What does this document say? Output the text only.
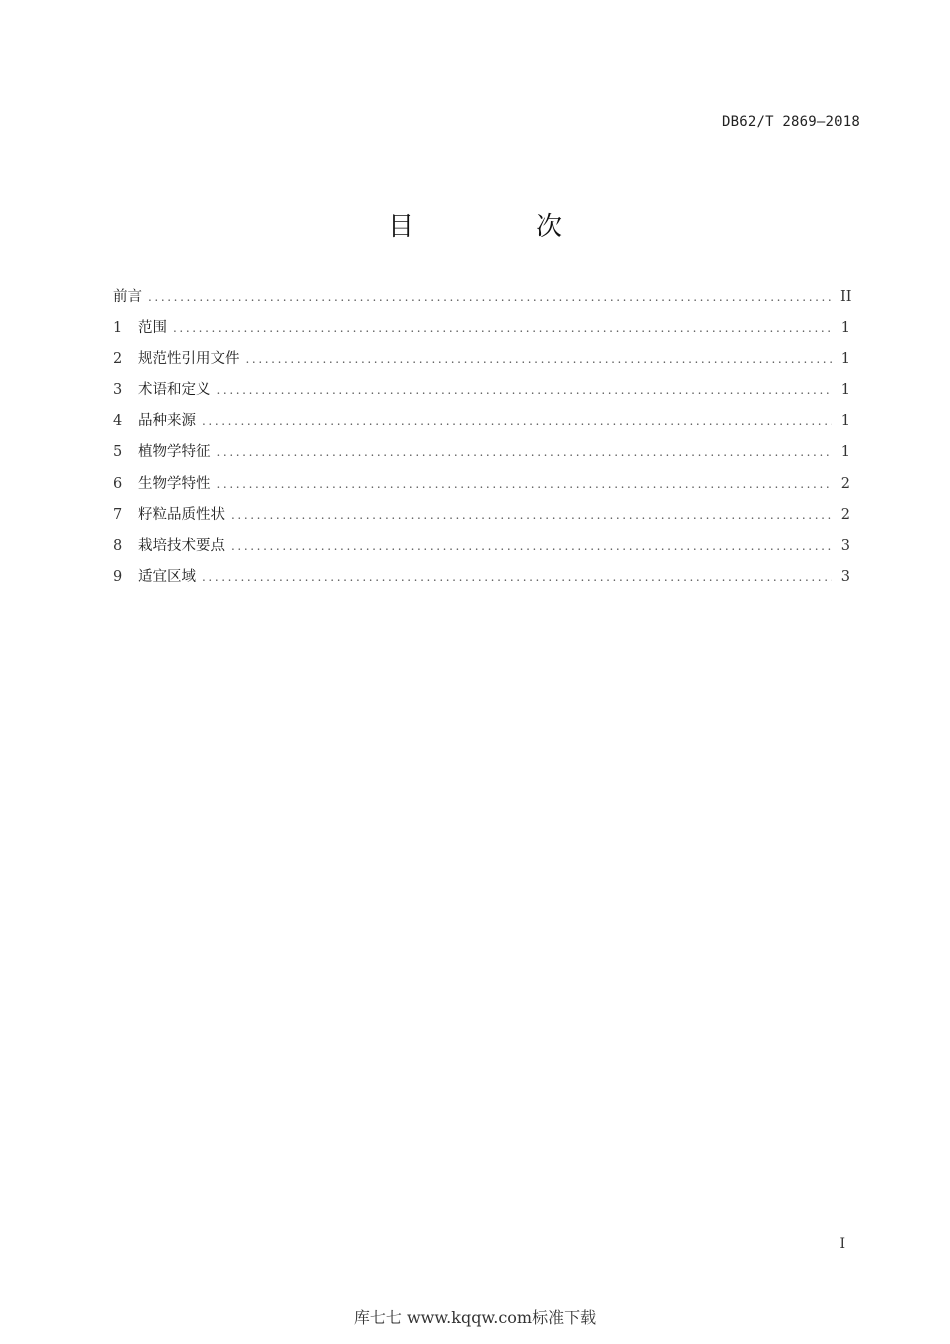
DB62/T 2869—2018
目　次
前言 .....	II
1	范围 .....	1
2	规范性引用文件 .....	1
3	术语和定义 .....	1
4	品种来源 .....	1
5	植物学特征 .....	1
6	生物学特性 .....	2
7	籽粒品质性状 .....	2
8	栽培技术要点 .....	3
9	适宜区域 .....	3
I
库七七 www.kqqw.com标准下载
